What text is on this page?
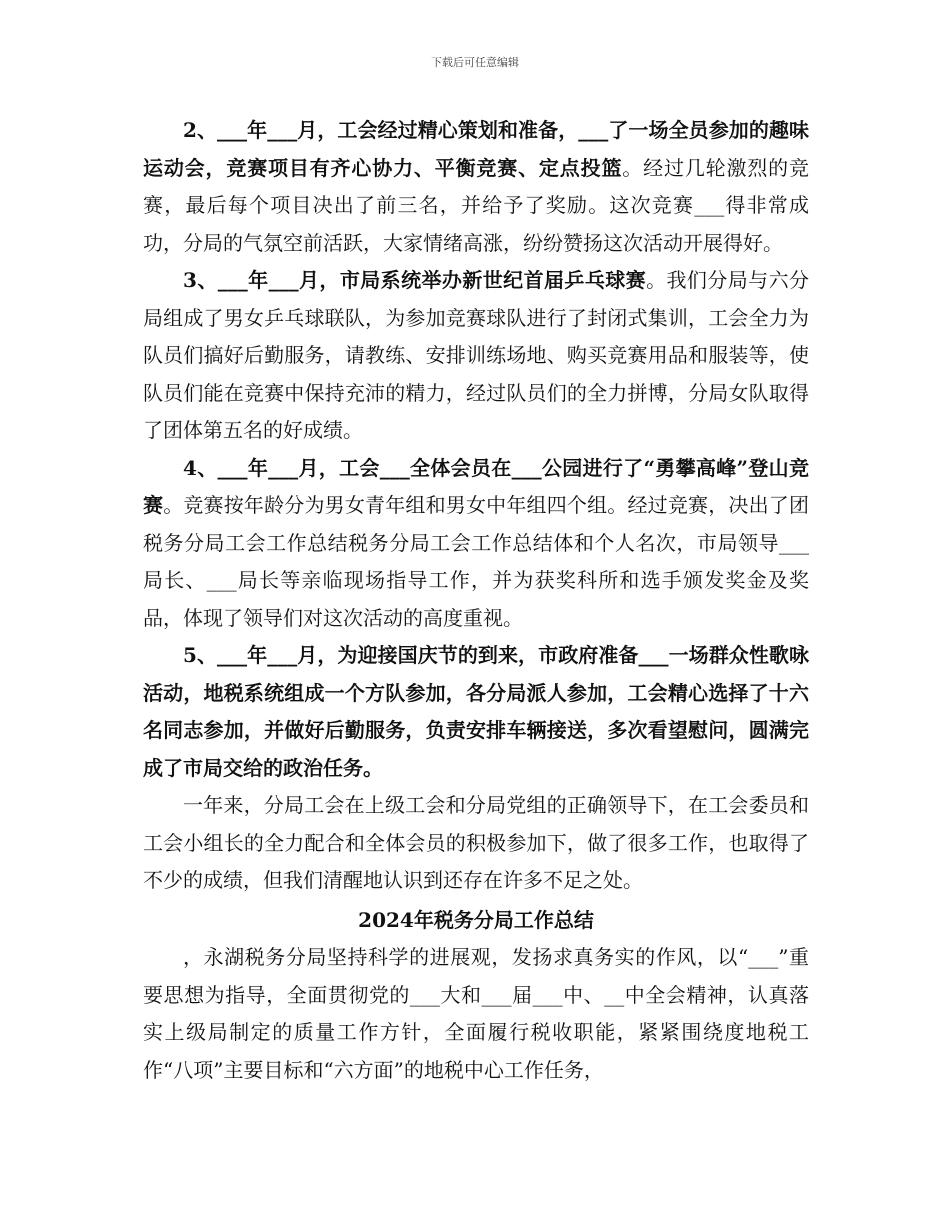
下载后可任意编辑

2、___年___月，工会经过精心策划和准备，___了一场全员参加的趣味运动会，竞赛项目有齐心协力、平衡竞赛、定点投篮。经过几轮激烈的竞赛，最后每个项目决出了前三名，并给予了奖励。这次竞赛___得非常成功，分局的气氛空前活跃，大家情绪高涨，纷纷赞扬这次活动开展得好。

3、___年___月，市局系统举办新世纪首届乒乓球赛。我们分局与六分局组成了男女乒乓球联队，为参加竞赛球队进行了封闭式集训，工会全力为队员们搞好后勤服务，请教练、安排训练场地、购买竞赛用品和服装等，使队员们能在竞赛中保持充沛的精力，经过队员们的全力拼博，分局女队取得了团体第五名的好成绩。

4、___年___月，工会___全体会员在___公园进行了“勇攀高峰”登山竞赛。竞赛按年龄分为男女青年组和男女中年组四个组。经过竞赛，决出了团税务分局工会工作总结税务分局工会工作总结体和个人名次，市局领导___局长、___局长等亲临现场指导工作，并为获奖科所和选手颁发奖金及奖品，体现了领导们对这次活动的高度重视。

5、___年___月，为迎接国庆节的到来，市政府准备___一场群众性歌咏活动，地税系统组成一个方队参加，各分局派人参加，工会精心选择了十六名同志参加，并做好后勤服务，负责安排车辆接送，多次看望慰问，圆满完成了市局交给的政治任务。

一年来，分局工会在上级工会和分局党组的正确领导下，在工会委员和工会小组长的全力配合和全体会员的积极参加下，做了很多工作，也取得了不少的成绩，但我们清醒地认识到还存在许多不足之处。

2024年税务分局工作总结

，永湖税务分局坚持科学的进展观，发扬求真务实的作风，以“___”重要思想为指导，全面贯彻党的___大和___届___中、__中全会精神，认真落实上级局制定的质量工作方针，全面履行税收职能，紧紧围绕度地税工作“八项”主要目标和“六方面”的地税中心工作任务，
